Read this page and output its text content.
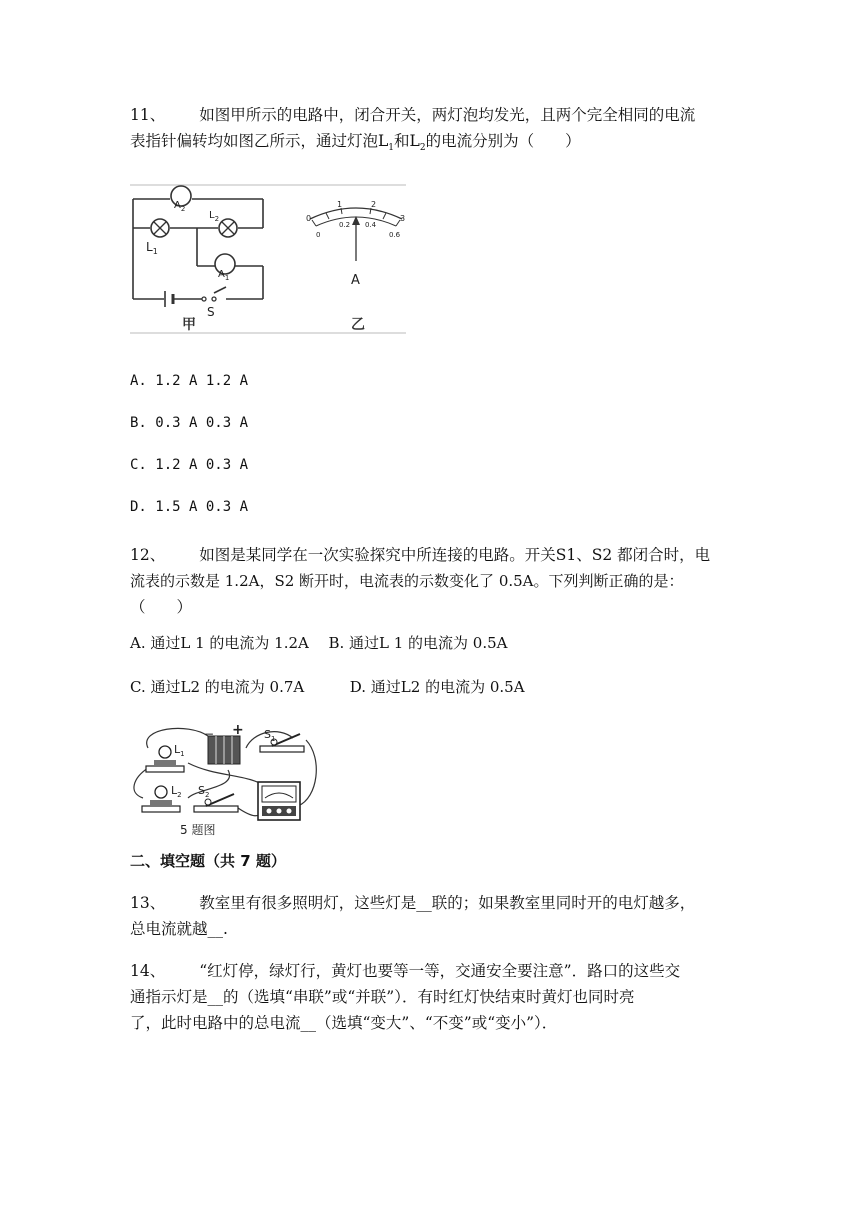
11、 如图甲所示的电路中，闭合开关，两灯泡均发光，且两个完全相同的电流
表指针偏转均如图乙所示，通过灯泡$L_1$和$L_2$的电流分别为（　　）
$A_2$
$L_1$
$L_2$
$A_1$
S
甲
0
1	2
3
0
0.2 0.4
0.6
A
乙
A. 1.2 A 1.2 A
B. 0.3 A 0.3 A
C. 1.2 A 0.3 A
D. 1.5 A 0.3 A
12、 如图是某同学在一次实验探究中所连接的电路。开关S1、S2 都闭合时，电
流表的示数是 1.2A，S2 断开时，电流表的示数变化了 0.5A。下列判断正确的是：
（　　）
A. 通过L 1 的电流为 1.2A B. 通过L 1 的电流为 0.5A
C. 通过L2 的电流为 0.7A	D. 通过L2 的电流为 0.5A
$L_1$
− + $S_1$
$L_2$ $S_2$
5 题图
二、填空题（共 7 题）
13、 教室里有很多照明灯，这些灯是__联的；如果教室里同时开的电灯越多，
总电流就越__.
14、 “红灯停，绿灯行，黄灯也要等一等，交通安全要注意”．路口的这些交
通指示灯是__的（选填“串联”或“并联”）．有时红灯快结束时黄灯也同时亮
了，此时电路中的总电流__（选填“变大”、“不变”或“变小”）．
